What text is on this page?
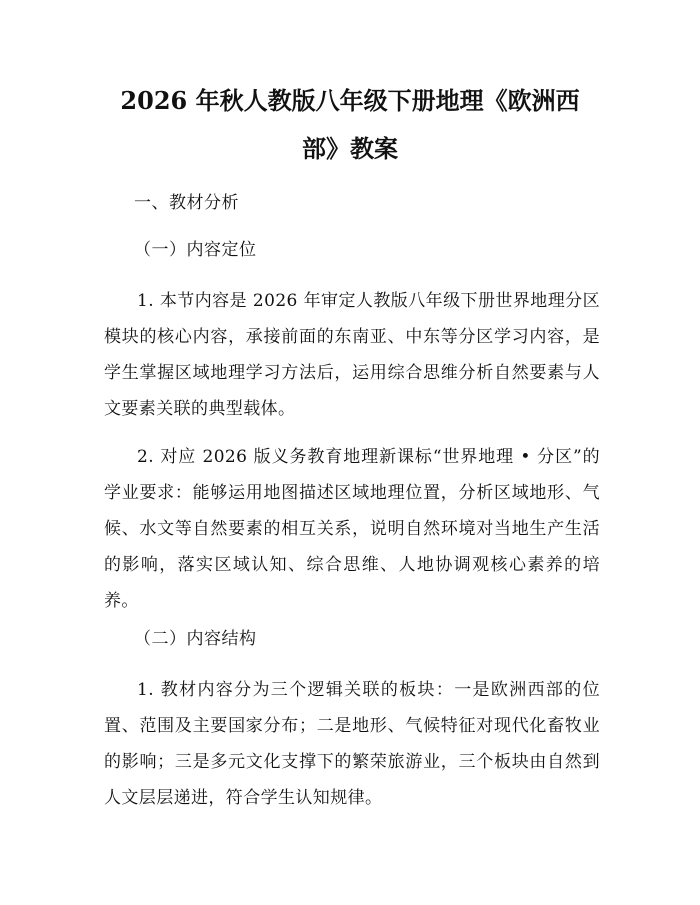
2026 年秋人教版八年级下册地理《欧洲西
部》教案

一、教材分析

（一）内容定位

1. 本节内容是 2026 年审定人教版八年级下册世界地理分区模块的核心内容，承接前面的东南亚、中东等分区学习内容，是学生掌握区域地理学习方法后，运用综合思维分析自然要素与人文要素关联的典型载体。

2. 对应 2026 版义务教育地理新课标“世界地理 • 分区”的学业要求：能够运用地图描述区域地理位置，分析区域地形、气候、水文等自然要素的相互关系，说明自然环境对当地生产生活的影响，落实区域认知、综合思维、人地协调观核心素养的培养。

（二）内容结构

1. 教材内容分为三个逻辑关联的板块：一是欧洲西部的位置、范围及主要国家分布；二是地形、气候特征对现代化畜牧业的影响；三是多元文化支撑下的繁荣旅游业，三个板块由自然到人文层层递进，符合学生认知规律。
